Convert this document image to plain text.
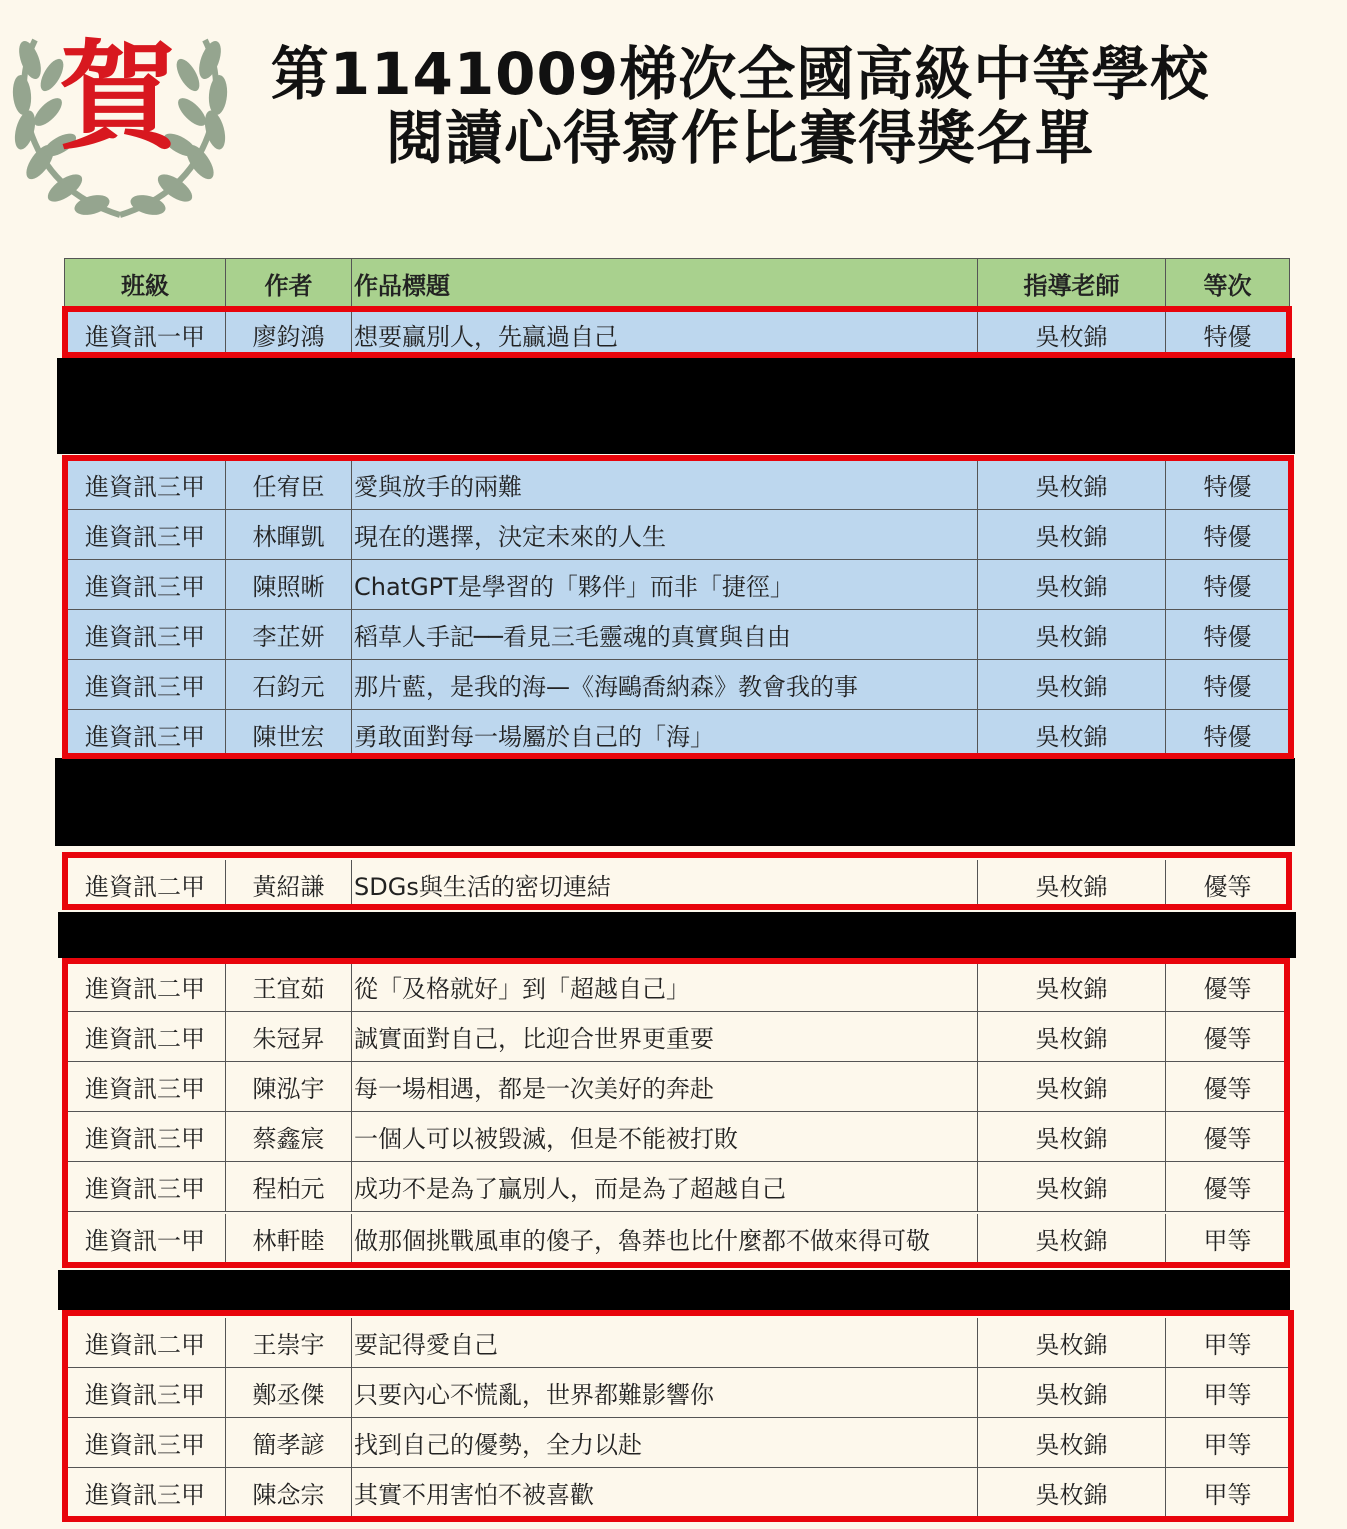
賀	第1141009梯次全國高級中等學校
閱讀心得寫作比賽得獎名單
班級	作者	作品標題	指導老師	等次
進資訊一甲	廖鈞鴻	想要贏別人，先贏過自己	吳枚錦	特優
進資訊三甲	任宥臣	愛與放手的兩難	吳枚錦	特優
進資訊三甲	林暉凱	現在的選擇，決定未來的人生	吳枚錦	特優
進資訊三甲	陳照晰	ChatGPT是學習的「夥伴」而非「捷徑」	吳枚錦	特優
進資訊三甲	李芷妍	稻草人手記──看見三毛靈魂的真實與自由	吳枚錦	特優
進資訊三甲	石鈞元	那片藍，是我的海—《海鷗喬納森》教會我的事	吳枚錦	特優
進資訊三甲	陳世宏	勇敢面對每一場屬於自己的「海」	吳枚錦	特優
進資訊二甲	黃紹謙	SDGs與生活的密切連結	吳枚錦	優等
進資訊二甲	王宜茹	從「及格就好」到「超越自己」	吳枚錦	優等
進資訊二甲	朱冠昇	誠實面對自己，比迎合世界更重要	吳枚錦	優等
進資訊三甲	陳泓宇	每一場相遇，都是一次美好的奔赴	吳枚錦	優等
進資訊三甲	蔡鑫宸	一個人可以被毀滅，但是不能被打敗	吳枚錦	優等
進資訊三甲	程柏元	成功不是為了贏別人，而是為了超越自己	吳枚錦	優等
進資訊一甲	林軒睦	做那個挑戰風車的傻子，魯莽也比什麼都不做來得可敬	吳枚錦	甲等
進資訊二甲	王崇宇	要記得愛自己	吳枚錦	甲等
進資訊三甲	鄭丞傑	只要內心不慌亂，世界都難影響你	吳枚錦	甲等
進資訊三甲	簡孝諺	找到自己的優勢，全力以赴	吳枚錦	甲等
進資訊三甲	陳念宗	其實不用害怕不被喜歡	吳枚錦	甲等
